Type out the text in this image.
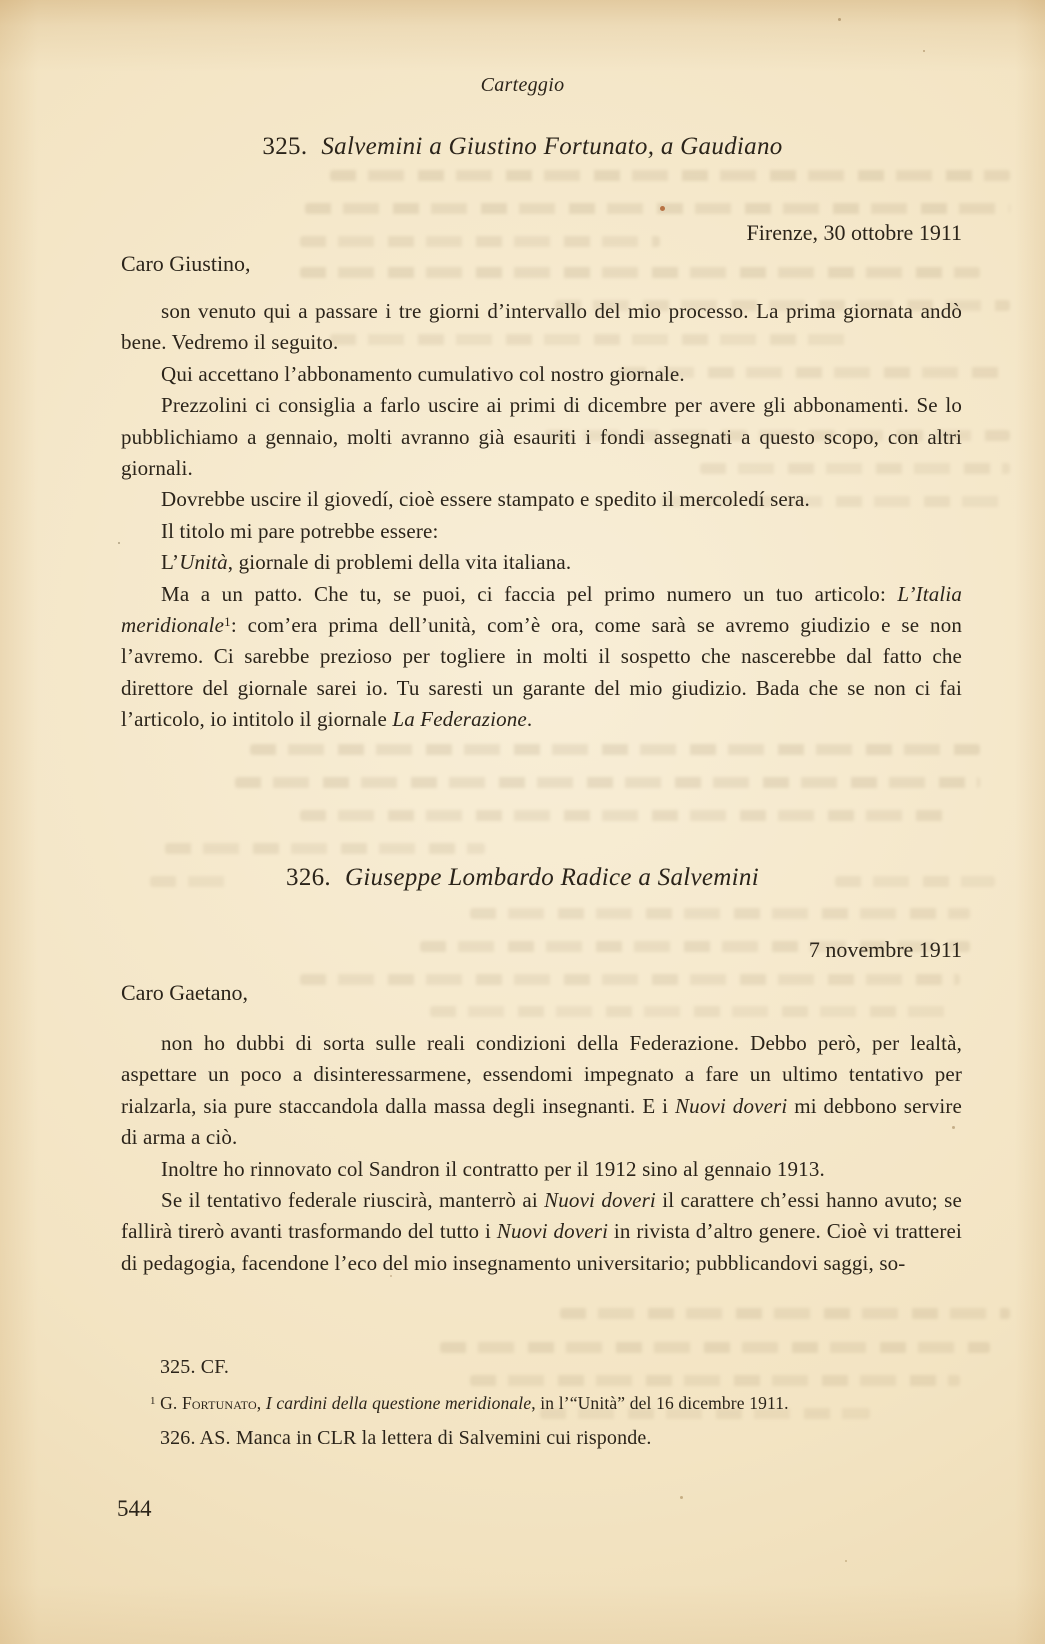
Carteggio
325. Salvemini a Giustino Fortunato, a Gaudiano
Firenze, 30 ottobre 1911
Caro Giustino,

son venuto qui a passare i tre giorni d’intervallo del mio processo. La prima giornata andò bene. Vedremo il seguito.

Qui accettano l’abbonamento cumulativo col nostro giornale.

Prezzolini ci consiglia a farlo uscire ai primi di dicembre per avere gli abbonamenti. Se lo pubblichiamo a gennaio, molti avranno già esauriti i fondi assegnati a questo scopo, con altri giornali.

Dovrebbe uscire il giovedí, cioè essere stampato e spedito il mercoledí sera.

Il titolo mi pare potrebbe essere:

L’Unità, giornale di problemi della vita italiana.

Ma a un patto. Che tu, se puoi, ci faccia pel primo numero un tuo articolo: L’Italia meridionale$^1$: com’era prima dell’unità, com’è ora, come sarà se avremo giudizio e se non l’avremo. Ci sarebbe prezioso per togliere in molti il sospetto che nascerebbe dal fatto che direttore del giornale sarei io. Tu saresti un garante del mio giudizio. Bada che se non ci fai l’articolo, io intitolo il giornale La Federazione.

326. Giuseppe Lombardo Radice a Salvemini
7 novembre 1911
Caro Gaetano,

non ho dubbi di sorta sulle reali condizioni della Federazione. Debbo però, per lealtà, aspettare un poco a disinteressarmene, essendomi impegnato a fare un ultimo tentativo per rialzarla, sia pure staccandola dalla massa degli insegnanti. E i Nuovi doveri mi debbono servire di arma a ciò.

Inoltre ho rinnovato col Sandron il contratto per il 1912 sino al gennaio 1913.

Se il tentativo federale riuscirà, manterrò ai Nuovi doveri il carattere ch’essi hanno avuto; se fallirà tirerò avanti trasformando del tutto i Nuovi doveri in rivista d’altro genere. Cioè vi tratterei di pedagogia, facendone l’eco del mio insegnamento universitario; pubblicandovi saggi, so-

325. CF.
$^1$ G. Fortunato, I cardini della questione meridionale, in l’“Unità” del 16 dicembre 1911.
326. AS. Manca in CLR la lettera di Salvemini cui risponde.
544
